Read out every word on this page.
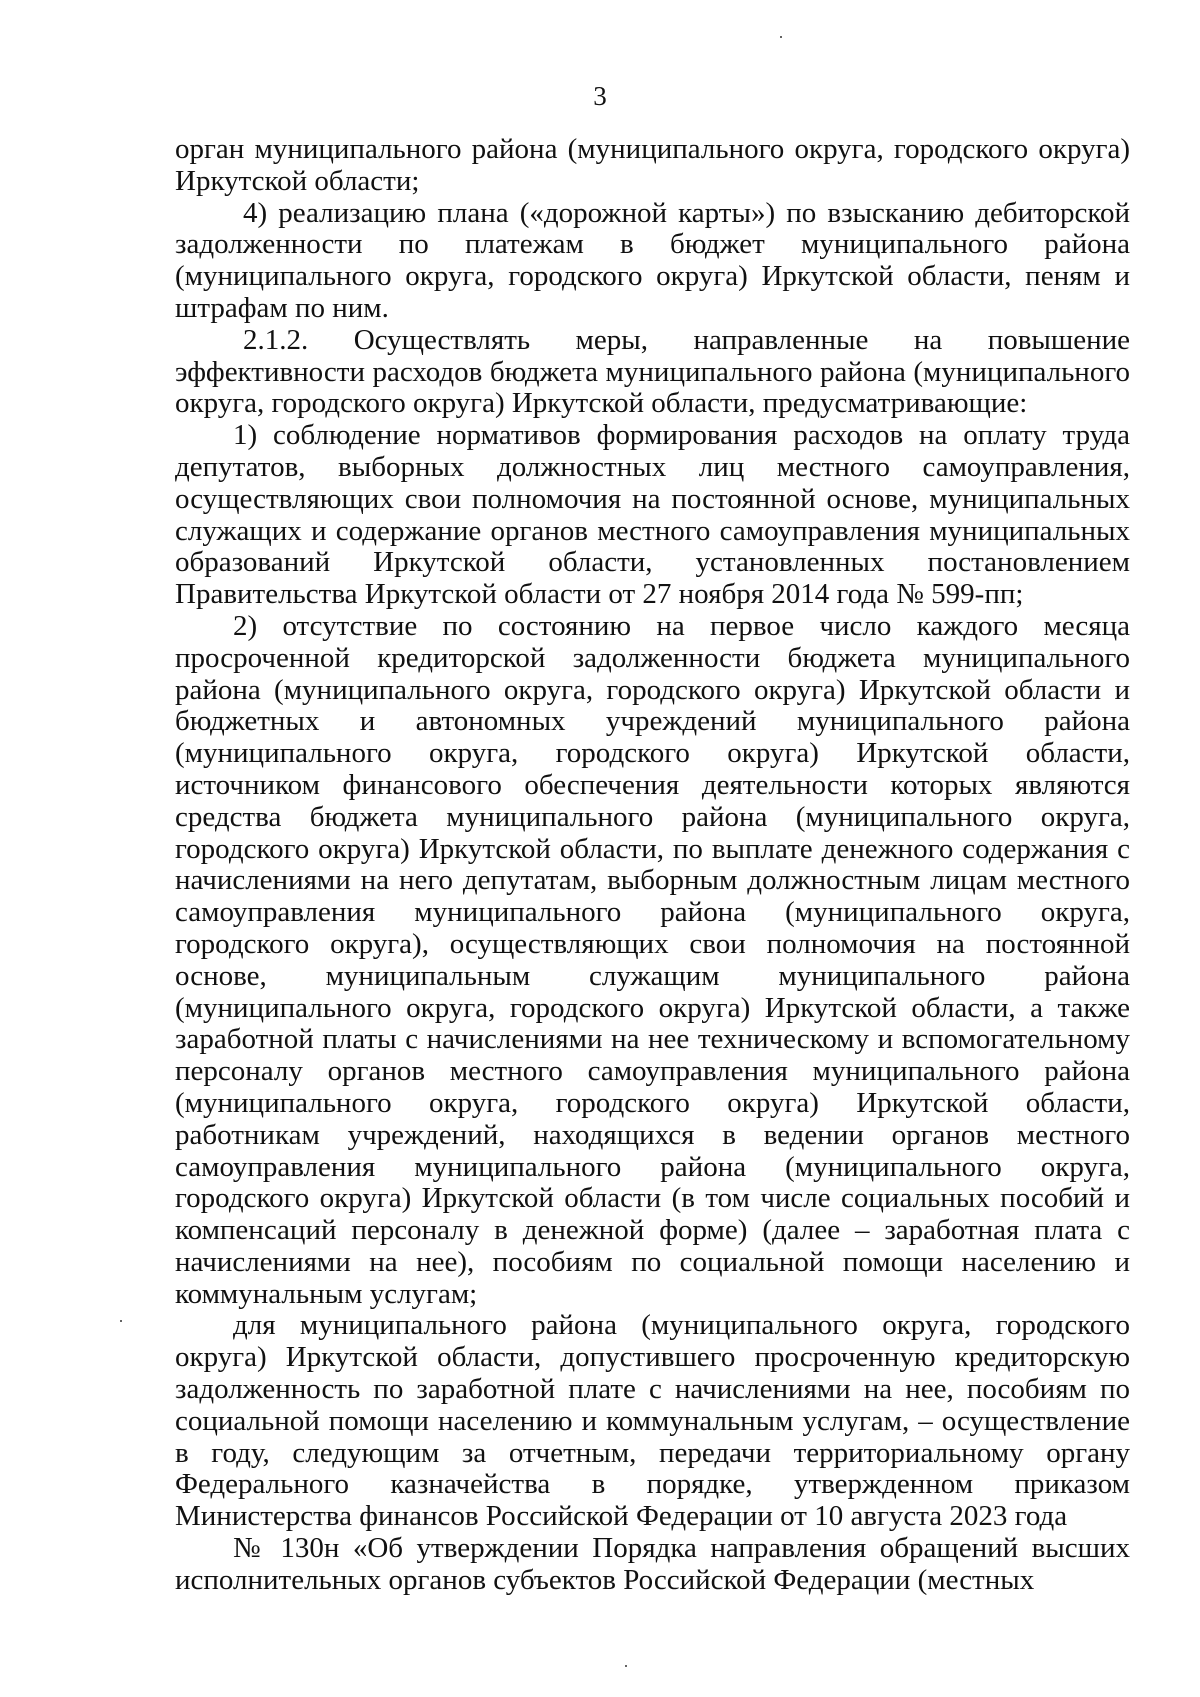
3

орган муниципального района (муниципального округа, городского округа) Иркутской области;

4) реализацию плана («дорожной карты») по взысканию дебиторской задолженности по платежам в бюджет муниципального района (муниципального округа, городского округа) Иркутской области, пеням и штрафам по ним.

2.1.2. Осуществлять меры, направленные на повышение эффективности расходов бюджета муниципального района (муниципального округа, городского округа) Иркутской области, предусматривающие:

1) соблюдение нормативов формирования расходов на оплату труда депутатов, выборных должностных лиц местного самоуправления, осуществляющих свои полномочия на постоянной основе, муниципальных служащих и содержание органов местного самоуправления муниципальных образований Иркутской области, установленных постановлением Правительства Иркутской области от 27 ноября 2014 года № 599-пп;

2) отсутствие по состоянию на первое число каждого месяца просроченной кредиторской задолженности бюджета муниципального района (муниципального округа, городского округа) Иркутской области и бюджетных и автономных учреждений муниципального района (муниципального округа, городского округа) Иркутской области, источником финансового обеспечения деятельности которых являются средства бюджета муниципального района (муниципального округа, городского округа) Иркутской области, по выплате денежного содержания с начислениями на него депутатам, выборным должностным лицам местного самоуправления муниципального района (муниципального округа, городского округа), осуществляющих свои полномочия на постоянной основе, муниципальным служащим муниципального района (муниципального округа, городского округа) Иркутской области, а также заработной платы с начислениями на нее техническому и вспомогательному персоналу органов местного самоуправления муниципального района (муниципального округа, городского округа) Иркутской области, работникам учреждений, находящихся в ведении органов местного самоуправления муниципального района (муниципального округа, городского округа) Иркутской области (в том числе социальных пособий и компенсаций персоналу в денежной форме) (далее – заработная плата с начислениями на нее), пособиям по социальной помощи населению и коммунальным услугам;

для муниципального района (муниципального округа, городского округа) Иркутской области, допустившего просроченную кредиторскую задолженность по заработной плате с начислениями на нее, пособиям по социальной помощи населению и коммунальным услугам, – осуществление в году, следующим за отчетным, передачи территориальному органу Федерального казначейства в порядке, утвержденном приказом Министерства финансов Российской Федерации от 10 августа 2023 года

№ 130н «Об утверждении Порядка направления обращений высших исполнительных органов субъектов Российской Федерации (местных
